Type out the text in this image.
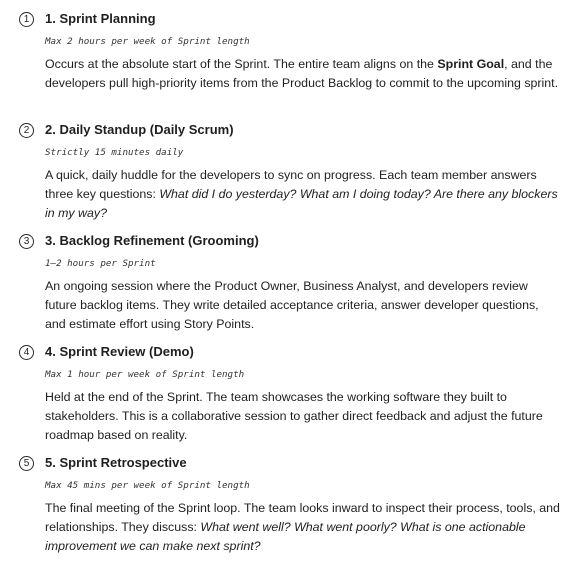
1	1. Sprint Planning
Max 2 hours per week of Sprint length

Occurs at the absolute start of the Sprint. The entire team aligns on the Sprint Goal, and the developers pull high-priority items from the Product Backlog to commit to the upcoming sprint.

2	2. Daily Standup (Daily Scrum)
Strictly 15 minutes daily

A quick, daily huddle for the developers to sync on progress. Each team member answers three key questions: What did I do yesterday? What am I doing today? Are there any blockers in my way?

3	3. Backlog Refinement (Grooming)
1–2 hours per Sprint

An ongoing session where the Product Owner, Business Analyst, and developers review future backlog items. They write detailed acceptance criteria, answer developer questions, and estimate effort using Story Points.

4	4. Sprint Review (Demo)
Max 1 hour per week of Sprint length

Held at the end of the Sprint. The team showcases the working software they built to stakeholders. This is a collaborative session to gather direct feedback and adjust the future roadmap based on reality.

5	5. Sprint Retrospective
Max 45 mins per week of Sprint length

The final meeting of the Sprint loop. The team looks inward to inspect their process, tools, and relationships. They discuss: What went well? What went poorly? What is one actionable improvement we can make next sprint?
